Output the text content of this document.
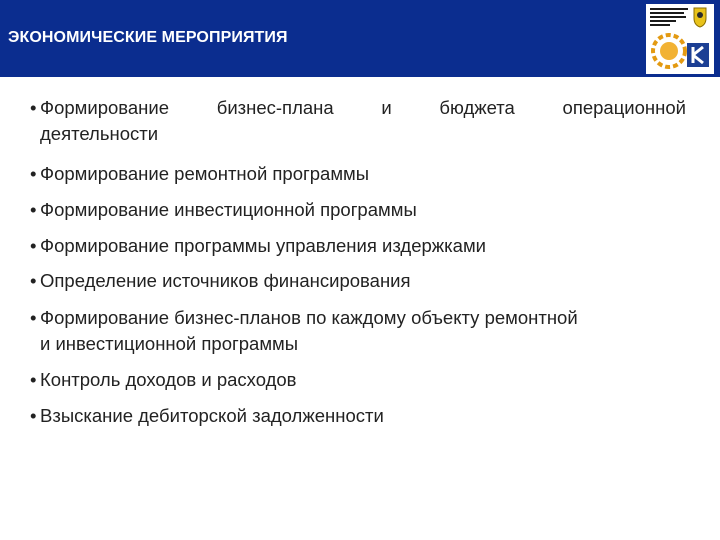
ЭКОНОМИЧЕСКИЕ МЕРОПРИЯТИЯ
• Формирование	бизнес-плана	и	бюджета	операционной
деятельности
• Формирование ремонтной программы
• Формирование инвестиционной программы
• Формирование программы управления издержками
• Определение источников финансирования
• Формирование бизнес-планов по каждому объекту ремонтной
и инвестиционной программы
• Контроль доходов и расходов
• Взыскание дебиторской задолженности
